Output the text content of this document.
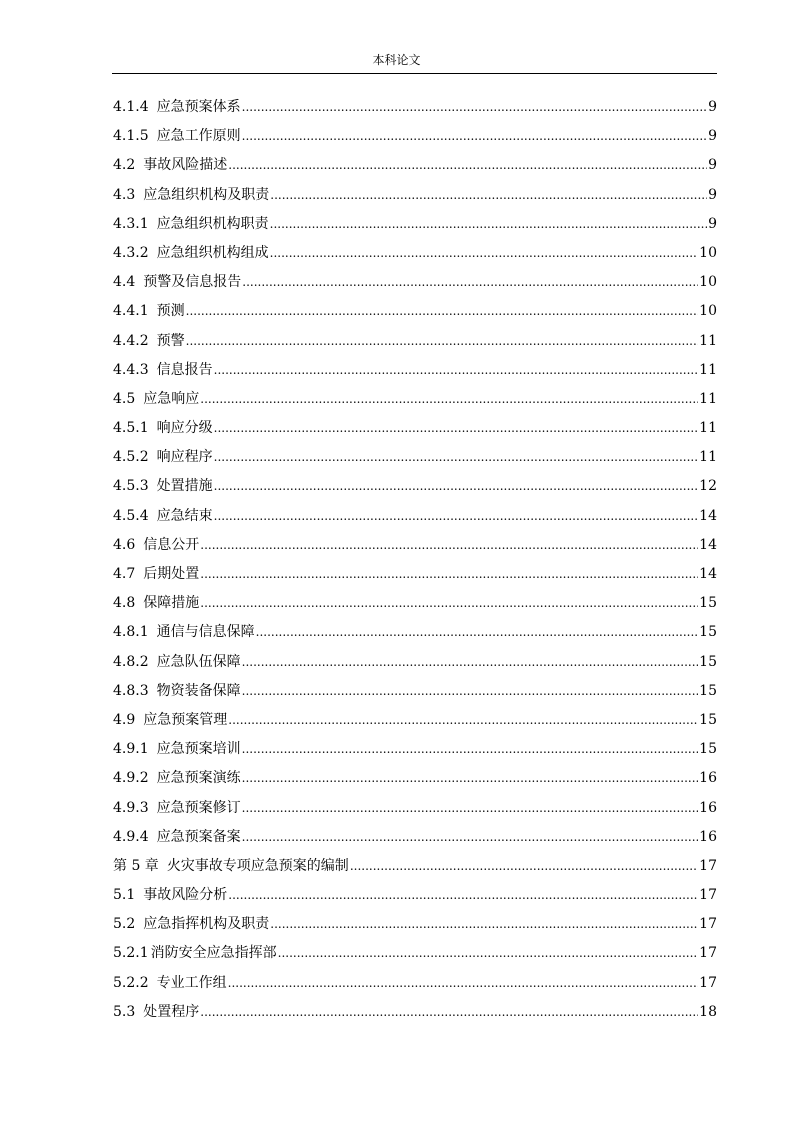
本科论文
4.1.4 应急预案体系 .....	9
4.1.5 应急工作原则 .....	9
4.2 事故风险描述 .....	9
4.3 应急组织机构及职责 .....	9
4.3.1 应急组织机构职责 .....	9
4.3.2 应急组织机构组成 .....	10
4.4 预警及信息报告 .....	10
4.4.1 预测 .....	10
4.4.2 预警 .....	11
4.4.3 信息报告 .....	11
4.5 应急响应 .....	11
4.5.1 响应分级 .....	11
4.5.2 响应程序 .....	11
4.5.3 处置措施 .....	12
4.5.4 应急结束 .....	14
4.6 信息公开 .....	14
4.7 后期处置 .....	14
4.8 保障措施 .....	15
4.8.1 通信与信息保障 .....	15
4.8.2 应急队伍保障 .....	15
4.8.3 物资装备保障 .....	15
4.9 应急预案管理 .....	15
4.9.1 应急预案培训 .....	15
4.9.2 应急预案演练 .....	16
4.9.3 应急预案修订 .....	16
4.9.4 应急预案备案 .....	16
第 5 章 火灾事故专项应急预案的编制 .....	17
5.1 事故风险分析 .....	17
5.2 应急指挥机构及职责 .....	17
5.2.1 消防安全应急指挥部 .....	17
5.2.2 专业工作组 .....	17
5.3 处置程序 .....	18
